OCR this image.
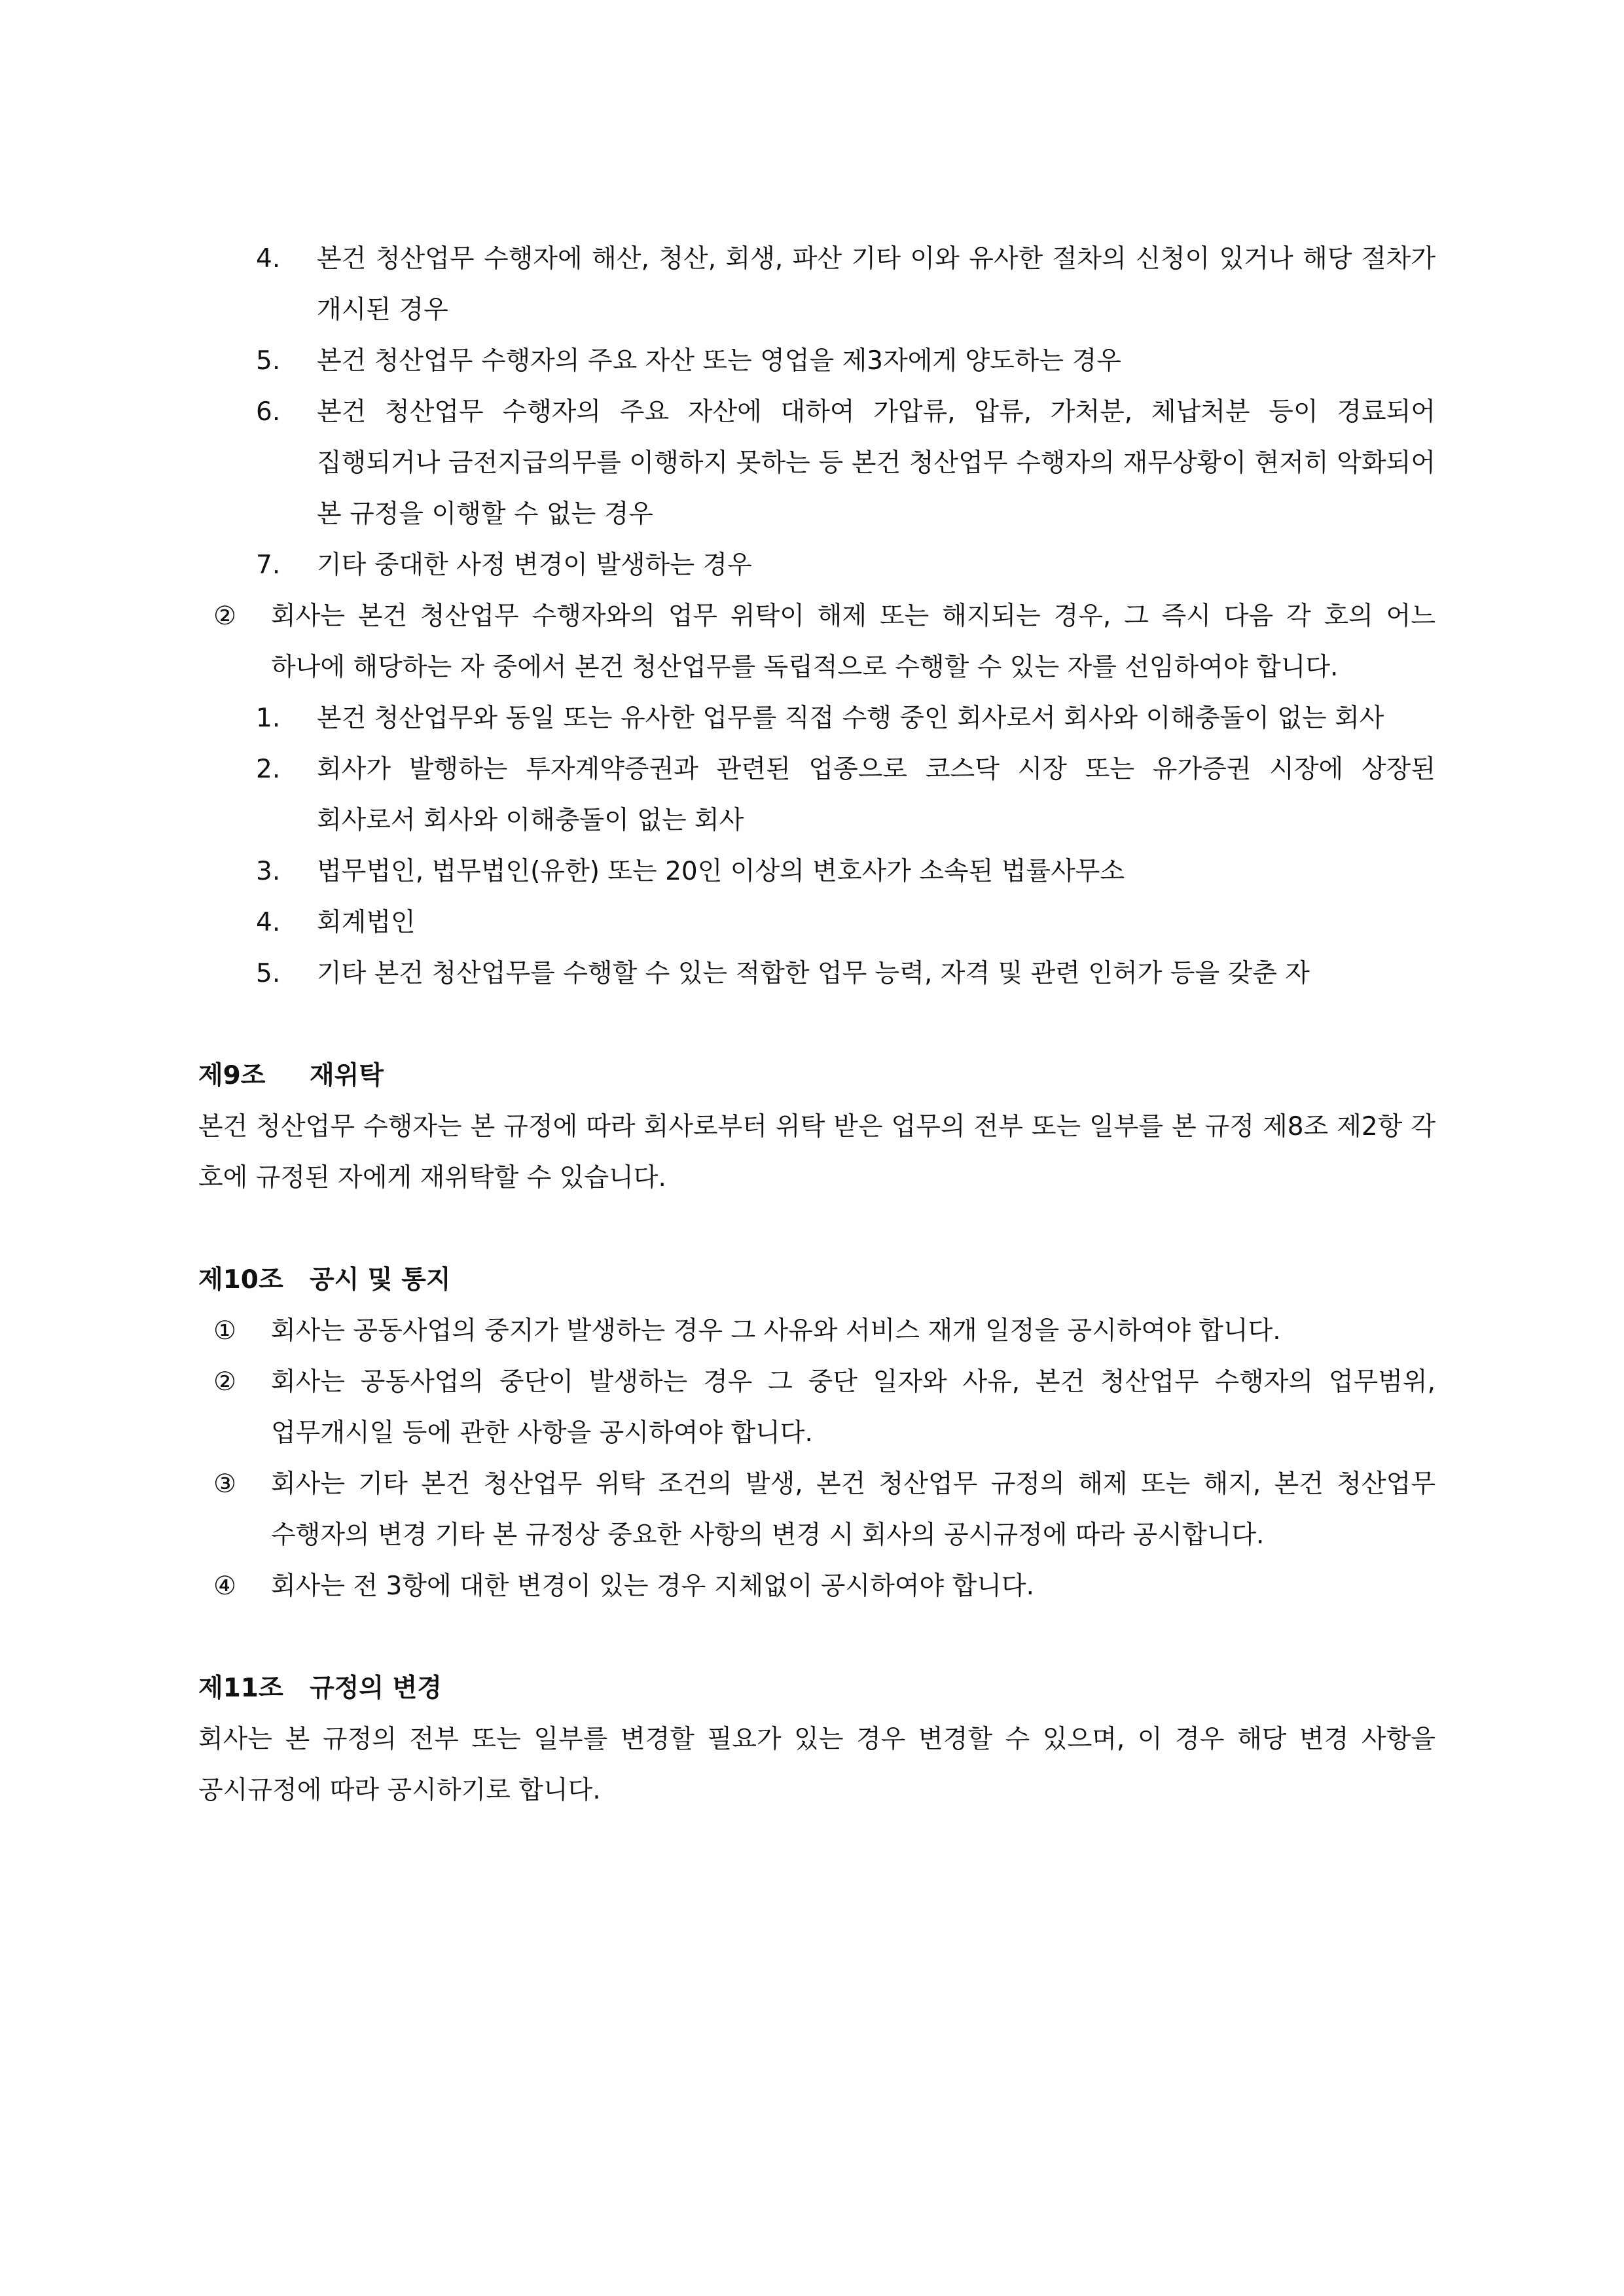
4.	본건 청산업무 수행자에 해산, 청산, 회생, 파산 기타 이와 유사한 절차의 신청이 있거나 해당 절차가 개시된 경우
5.	본건 청산업무 수행자의 주요 자산 또는 영업을 제3자에게 양도하는 경우
6.	본건 청산업무 수행자의 주요 자산에 대하여 가압류, 압류, 가처분, 체납처분 등이 경료되어 집행되거나 금전지급의무를 이행하지 못하는 등 본건 청산업무 수행자의 재무상황이 현저히 악화되어 본 규정을 이행할 수 없는 경우
7.	기타 중대한 사정 변경이 발생하는 경우
②	회사는 본건 청산업무 수행자와의 업무 위탁이 해제 또는 해지되는 경우, 그 즉시 다음 각 호의 어느 하나에 해당하는 자 중에서 본건 청산업무를 독립적으로 수행할 수 있는 자를 선임하여야 합니다.
1.	본건 청산업무와 동일 또는 유사한 업무를 직접 수행 중인 회사로서 회사와 이해충돌이 없는 회사
2.	회사가 발행하는 투자계약증권과 관련된 업종으로 코스닥 시장 또는 유가증권 시장에 상장된 회사로서 회사와 이해충돌이 없는 회사
3.	법무법인, 법무법인(유한) 또는 20인 이상의 변호사가 소속된 법률사무소
4.	회계법인
5.	기타 본건 청산업무를 수행할 수 있는 적합한 업무 능력, 자격 및 관련 인허가 등을 갖춘 자
제9조	재위탁
본건 청산업무 수행자는 본 규정에 따라 회사로부터 위탁 받은 업무의 전부 또는 일부를 본 규정 제8조 제2항 각 호에 규정된 자에게 재위탁할 수 있습니다.
제10조	공시 및 통지
①	회사는 공동사업의 중지가 발생하는 경우 그 사유와 서비스 재개 일정을 공시하여야 합니다.
②	회사는 공동사업의 중단이 발생하는 경우 그 중단 일자와 사유, 본건 청산업무 수행자의 업무범위, 업무개시일 등에 관한 사항을 공시하여야 합니다.
③	회사는 기타 본건 청산업무 위탁 조건의 발생, 본건 청산업무 규정의 해제 또는 해지, 본건 청산업무 수행자의 변경 기타 본 규정상 중요한 사항의 변경 시 회사의 공시규정에 따라 공시합니다.
④	회사는 전 3항에 대한 변경이 있는 경우 지체없이 공시하여야 합니다.
제11조	규정의 변경
회사는 본 규정의 전부 또는 일부를 변경할 필요가 있는 경우 변경할 수 있으며, 이 경우 해당 변경 사항을 공시규정에 따라 공시하기로 합니다.
